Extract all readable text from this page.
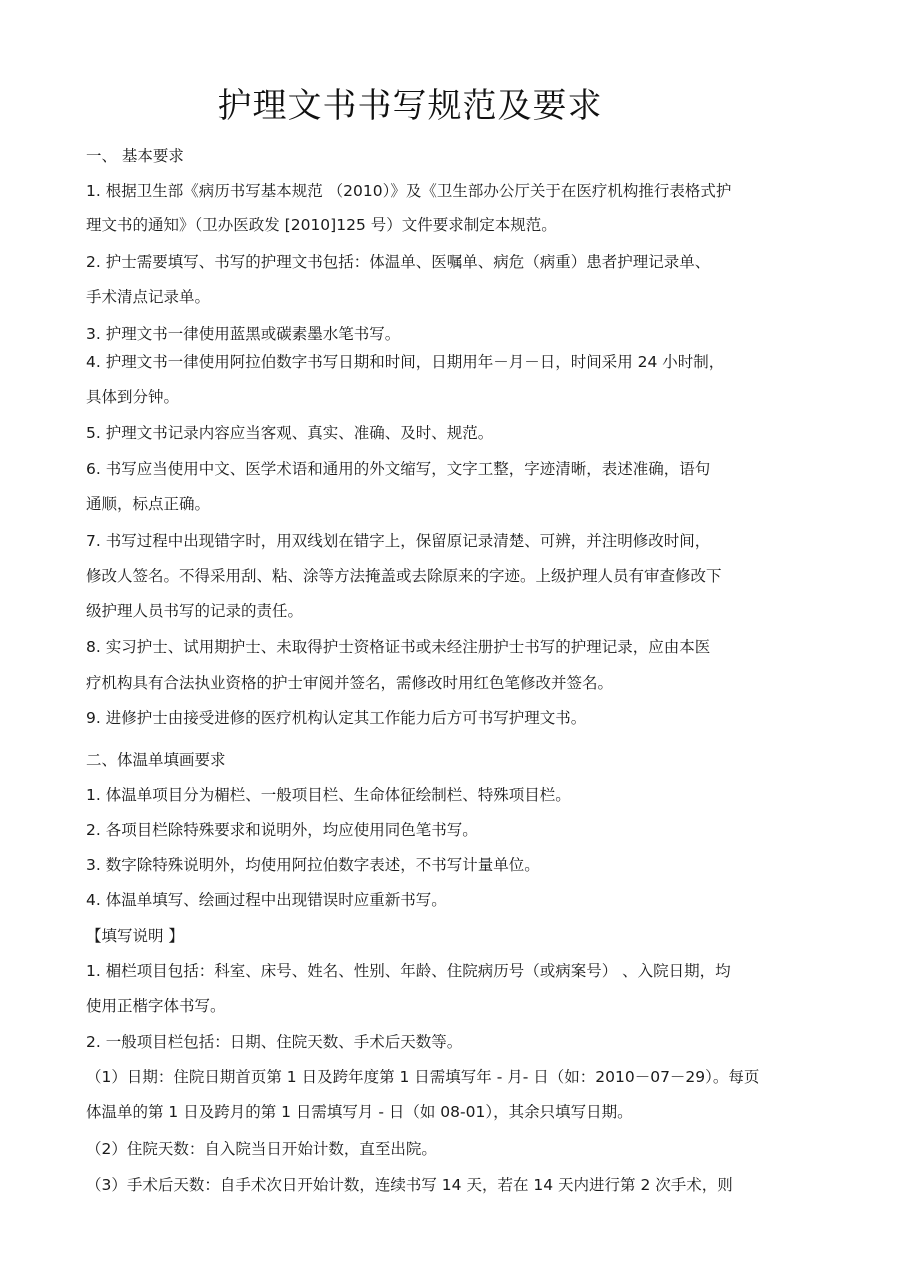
护理文书书写规范及要求
一、 基本要求
1. 根据卫生部《病历书写基本规范 （2010）》及《卫生部办公厅关于在医疗机构推行表格式护
理文书的通知》（卫办医政发 [2010]125 号）文件要求制定本规范。
2. 护士需要填写、书写的护理文书包括：体温单、医嘱单、病危（病重）患者护理记录单、
手术清点记录单。
3. 护理文书一律使用蓝黑或碳素墨水笔书写。
4. 护理文书一律使用阿拉伯数字书写日期和时间，日期用年－月－日，时间采用 24 小时制，
具体到分钟。
5. 护理文书记录内容应当客观、真实、准确、及时、规范。
6. 书写应当使用中文、医学术语和通用的外文缩写，文字工整，字迹清晰，表述准确，语句
通顺，标点正确。
7. 书写过程中出现错字时，用双线划在错字上，保留原记录清楚、可辨，并注明修改时间，
修改人签名。不得采用刮、粘、涂等方法掩盖或去除原来的字迹。上级护理人员有审查修改下
级护理人员书写的记录的责任。
8. 实习护士、试用期护士、未取得护士资格证书或未经注册护士书写的护理记录，应由本医
疗机构具有合法执业资格的护士审阅并签名，需修改时用红色笔修改并签名。
9. 进修护士由接受进修的医疗机构认定其工作能力后方可书写护理文书。
二、体温单填画要求
1. 体温单项目分为楣栏、一般项目栏、生命体征绘制栏、特殊项目栏。
2. 各项目栏除特殊要求和说明外，均应使用同色笔书写。
3. 数字除特殊说明外，均使用阿拉伯数字表述，不书写计量单位。
4. 体温单填写、绘画过程中出现错误时应重新书写。
【填写说明 】
1. 楣栏项目包括：科室、床号、姓名、性别、年龄、住院病历号（或病案号） 、入院日期，均
使用正楷字体书写。
2. 一般项目栏包括：日期、住院天数、手术后天数等。
（1）日期：住院日期首页第 1 日及跨年度第 1 日需填写年 - 月- 日（如：2010－07－29）。每页
体温单的第 1 日及跨月的第 1 日需填写月 - 日（如 08-01），其余只填写日期。
（2）住院天数：自入院当日开始计数，直至出院。
（3）手术后天数：自手术次日开始计数，连续书写 14 天，若在 14 天内进行第 2 次手术，则
